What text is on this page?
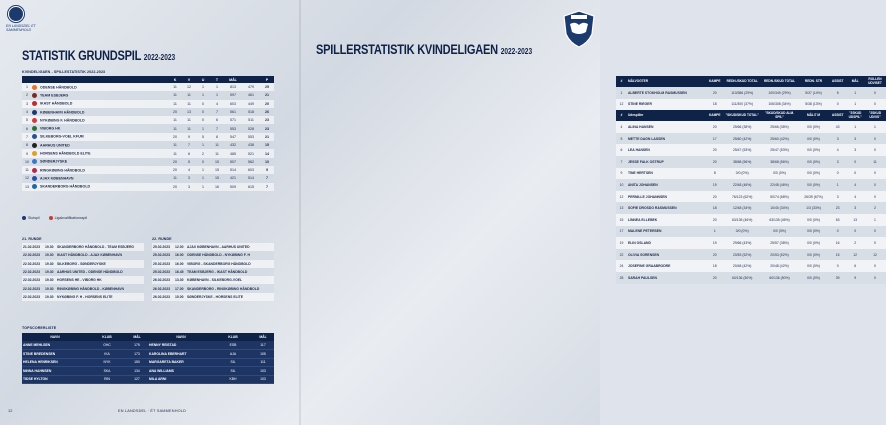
EN LANDSDEL ET SAMMENHOLD
STATISTIK GRUNDSPIL 2022-2023
KVINDELIGAEN - SPILLESTATISTIK 2022-2023
		K	V	U	T	MÅL		P
1	ODENSE HÅNDBOLD	11	12	1	1	813	479	25
2	TEAM ESBJERG	11	11	1	1	597	461	21
3	IKAST HÅNDBOLD	11	11	0	4	603	449	20
4	KØBENHAVN HÅNDBOLD	20	13	0	7	561	518	26
5	NYKØBING F. HÅNDBOLD	11	11	0	6	571	511	23
6	VIBORG HK	11	11	1	7	553	528	23
7	SILKEBORG-VOEL KFUM	20	9	5	8	547	553	21
8	AARHUS UNITED	11	7	1	11	432	438	15
9	HORSENS HÅNDBOLD ELITE	11	6	2	11	485	521	14
10	SØNDERJYSKE	20	5	0	15	507	562	10
11	RINGKØBING HÅNDBOLD	20	4	1	15	514	603	9
12	AJAX KØBENHAVN	11	3	1	15	421	514	7
13	SKANDERBORG HÅNDBOLD	20	3	1	16	509	615	7
Slutspil	Ligakvalifikationsspil
21. RUNDE
21.02.2023	19.30	SKANDERBORG HÅNDBOLD - TEAM ESBJERG
22.02.2023	19.30	IKAST HÅNDBOLD - AJAX KØBENHAVN
22.02.2023	19.30	SILKEBORG - SØNDERJYSKE
22.02.2023	19.30	AARHUS UNITED - ODENSE HÅNDBOLD
22.02.2023	19.30	HORSENS HE - VIBORG HK
22.02.2023	19.30	RINGKØBING HÅNDBOLD - KØBENHAVN
22.02.2023	19.30	NYKØBING F. H - HORSENS ELITE
22. RUNDE
25.02.2023	12.00	AJAX KØBENHAVN - AARHUS UNITED
25.02.2023	16.00	ODENSE HÅNDBOLD - NYKØBING F. H
25.02.2023	16.00	VIBORG - SKANDERBORG HÅNDBOLD
25.02.2023	16.45	TEAM ESBJERG - IKAST HÅNDBOLD
26.02.2023	13.30	KØBENHAVN - SILKEBORG-VOEL
26.02.2023	17.00	SKANDERBORG - RINGKØBING HÅNDBOLD
26.02.2023	15.00	SØNDERJYSKE - HORSENS ELITE
TOPSCORERLISTE
NAVN	KLUB	MÅL	NAVN	KLUB	MÅL
ANNE MEHLSEN	OHC	175	HENNY REISTAD	ESB	117
STINE BREDENSEN	IKA	173	KAROLINA EBERHART	AJA	105
HELENA HENRIKSEN	NYK	150	MARGARETA BAKER	SIL	111
NINNA HAHNSEN	SKA	134	ANA WILLIAMS	SIL	103
TIDSE HYLTON	RIN	127	MILA ARNI	KBH	103
12	EN LANDSDEL · ÉT SAMMENHOLD
SPILLERSTATISTIK KVINDELIGAEN 2022-2023
#	MÅLVOGTER	KAMPE	REDN./SKUD TOTAL	REDN./SKUD TOTAL	REDN. STR	ASSIST	MÅL	ROLLEN UDVISET
1	ALBERTE STOKHOLM RASMUSSEN	20	110/386 (29%)	100/349 (29%)	5/37 (14%)	5	1	0
12	STINE RIEGER	18	111/300 (37%)	106/308 (34%)	5/38 (13%)	0	1	0
#	Udespiller	KAMPE	"SKUD/SKUD TOTAL"	"SKUD/SKUD ALM. SPIL"	MÅL/7 M	ASSIST	"2SKUD UDSPIL"	"2SKUD UDVIS"
4	ALINA HANSEN	20	25/66 (38%)	25/66 (38%)	0/0 (0%)	43	1	1
5	METTE DAGN LASSEN	17	25/60 (42%)	25/60 (42%)	0/0 (0%)	3	3	0
6	LEA HANSEN	20	25/47 (53%)	25/47 (53%)	0/0 (0%)	4	3	0
7	JESSE FALK OSTRUP	20	38/68 (56%)	38/68 (56%)	0/0 (0%)	3	0	11
9	TINE HERTSEN	8	0/0 (0%)	0/0 (0%)	0/0 (0%)	0	0	0
10	ANITA JOHANSEN	19	22/48 (46%)	22/48 (46%)	0/0 (0%)	1	4	0
12	PERNILLE JOHANNSEN	20	76/123 (62%)	50/74 (68%)	26/39 (67%)	3	4	0
13	SOFIE DROSDO RASMUSSEN	18	12/48 (34%)	10/40 (34%)	1/3 (33%)	23	3	2
15	LINNEA ELLEBEK	20	63/135 (46%)	63/135 (46%)	0/0 (0%)	63	13	1
17	MALENE PETERSEN	1	0/0 (0%)	0/0 (0%)	0/0 (0%)	0	0	0
19	ELIN OSLAND	19	29/66 (43%)	25/57 (38%)	0/0 (0%)	16	2	0
22	OLIVIA SORENSEN	20	20/53 (52%)	20/53 (52%)	0/0 (0%)	15	12	12
24	JOSEFINE GRAABRODRE	18	20/48 (42%)	20/48 (42%)	0/0 (0%)	0	6	0
28	SARAH PAULSEN	20	60/136 (50%)	60/136 (50%)	0/0 (0%)	39	9	0
